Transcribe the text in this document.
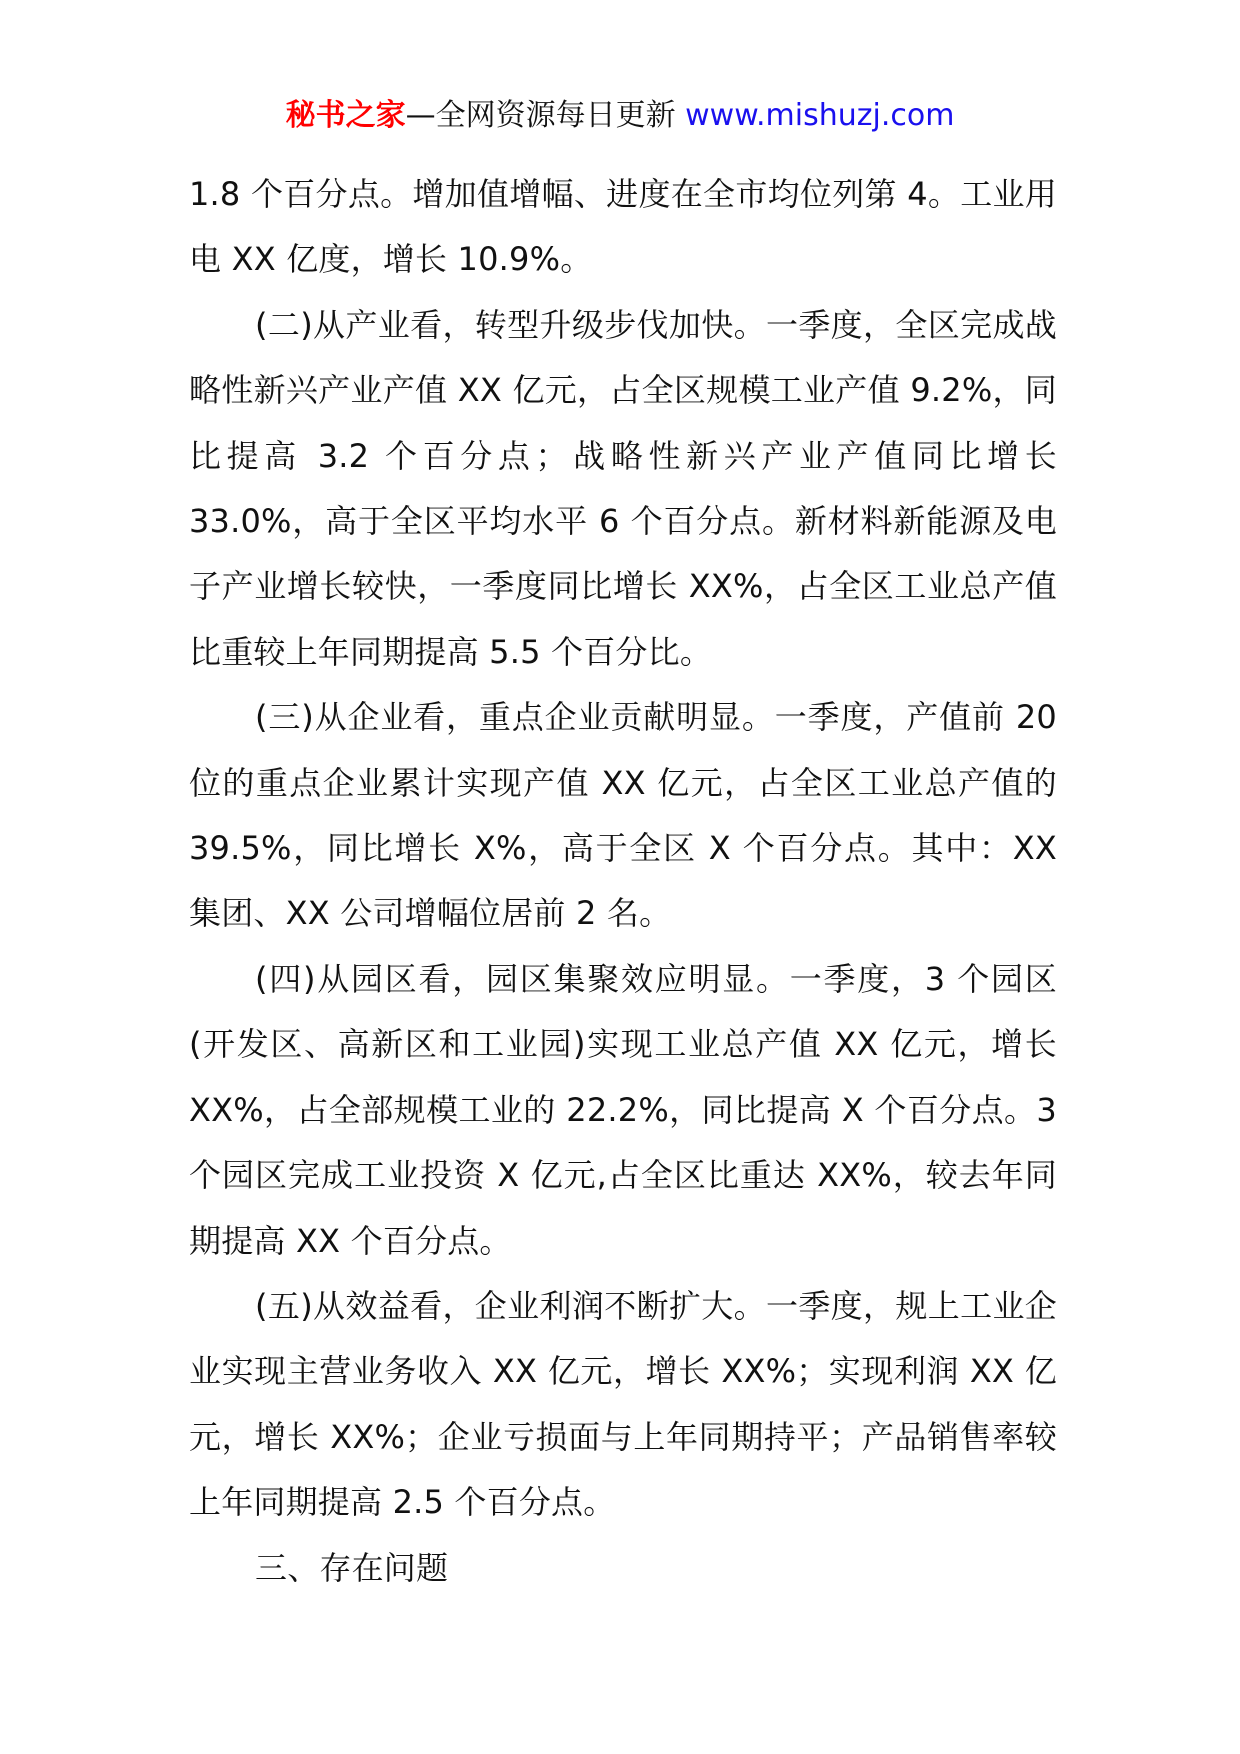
秘书之家—全网资源每日更新 www.mishuzj.com

1.8 个百分点。增加值增幅、进度在全市均位列第 4。工业用电 XX 亿度，增长 10.9%。

(二)从产业看，转型升级步伐加快。一季度，全区完成战略性新兴产业产值 XX 亿元，占全区规模工业产值 9.2%，同比提高 3.2 个百分点；战略性新兴产业产值同比增长 33.0%，高于全区平均水平 6 个百分点。新材料新能源及电子产业增长较快，一季度同比增长 XX%，占全区工业总产值比重较上年同期提高 5.5 个百分比。

(三)从企业看，重点企业贡献明显。一季度，产值前 20 位的重点企业累计实现产值 XX 亿元，占全区工业总产值的 39.5%，同比增长 X%，高于全区 X 个百分点。其中：XX 集团、XX 公司增幅位居前 2 名。

(四)从园区看，园区集聚效应明显。一季度，3 个园区(开发区、高新区和工业园)实现工业总产值 XX 亿元，增长 XX%，占全部规模工业的 22.2%，同比提高 X 个百分点。3 个园区完成工业投资 X 亿元,占全区比重达 XX%，较去年同期提高 XX 个百分点。

(五)从效益看，企业利润不断扩大。一季度，规上工业企业实现主营业务收入 XX 亿元，增长 XX%；实现利润 XX 亿元，增长 XX%；企业亏损面与上年同期持平；产品销售率较上年同期提高 2.5 个百分点。

三、存在问题
